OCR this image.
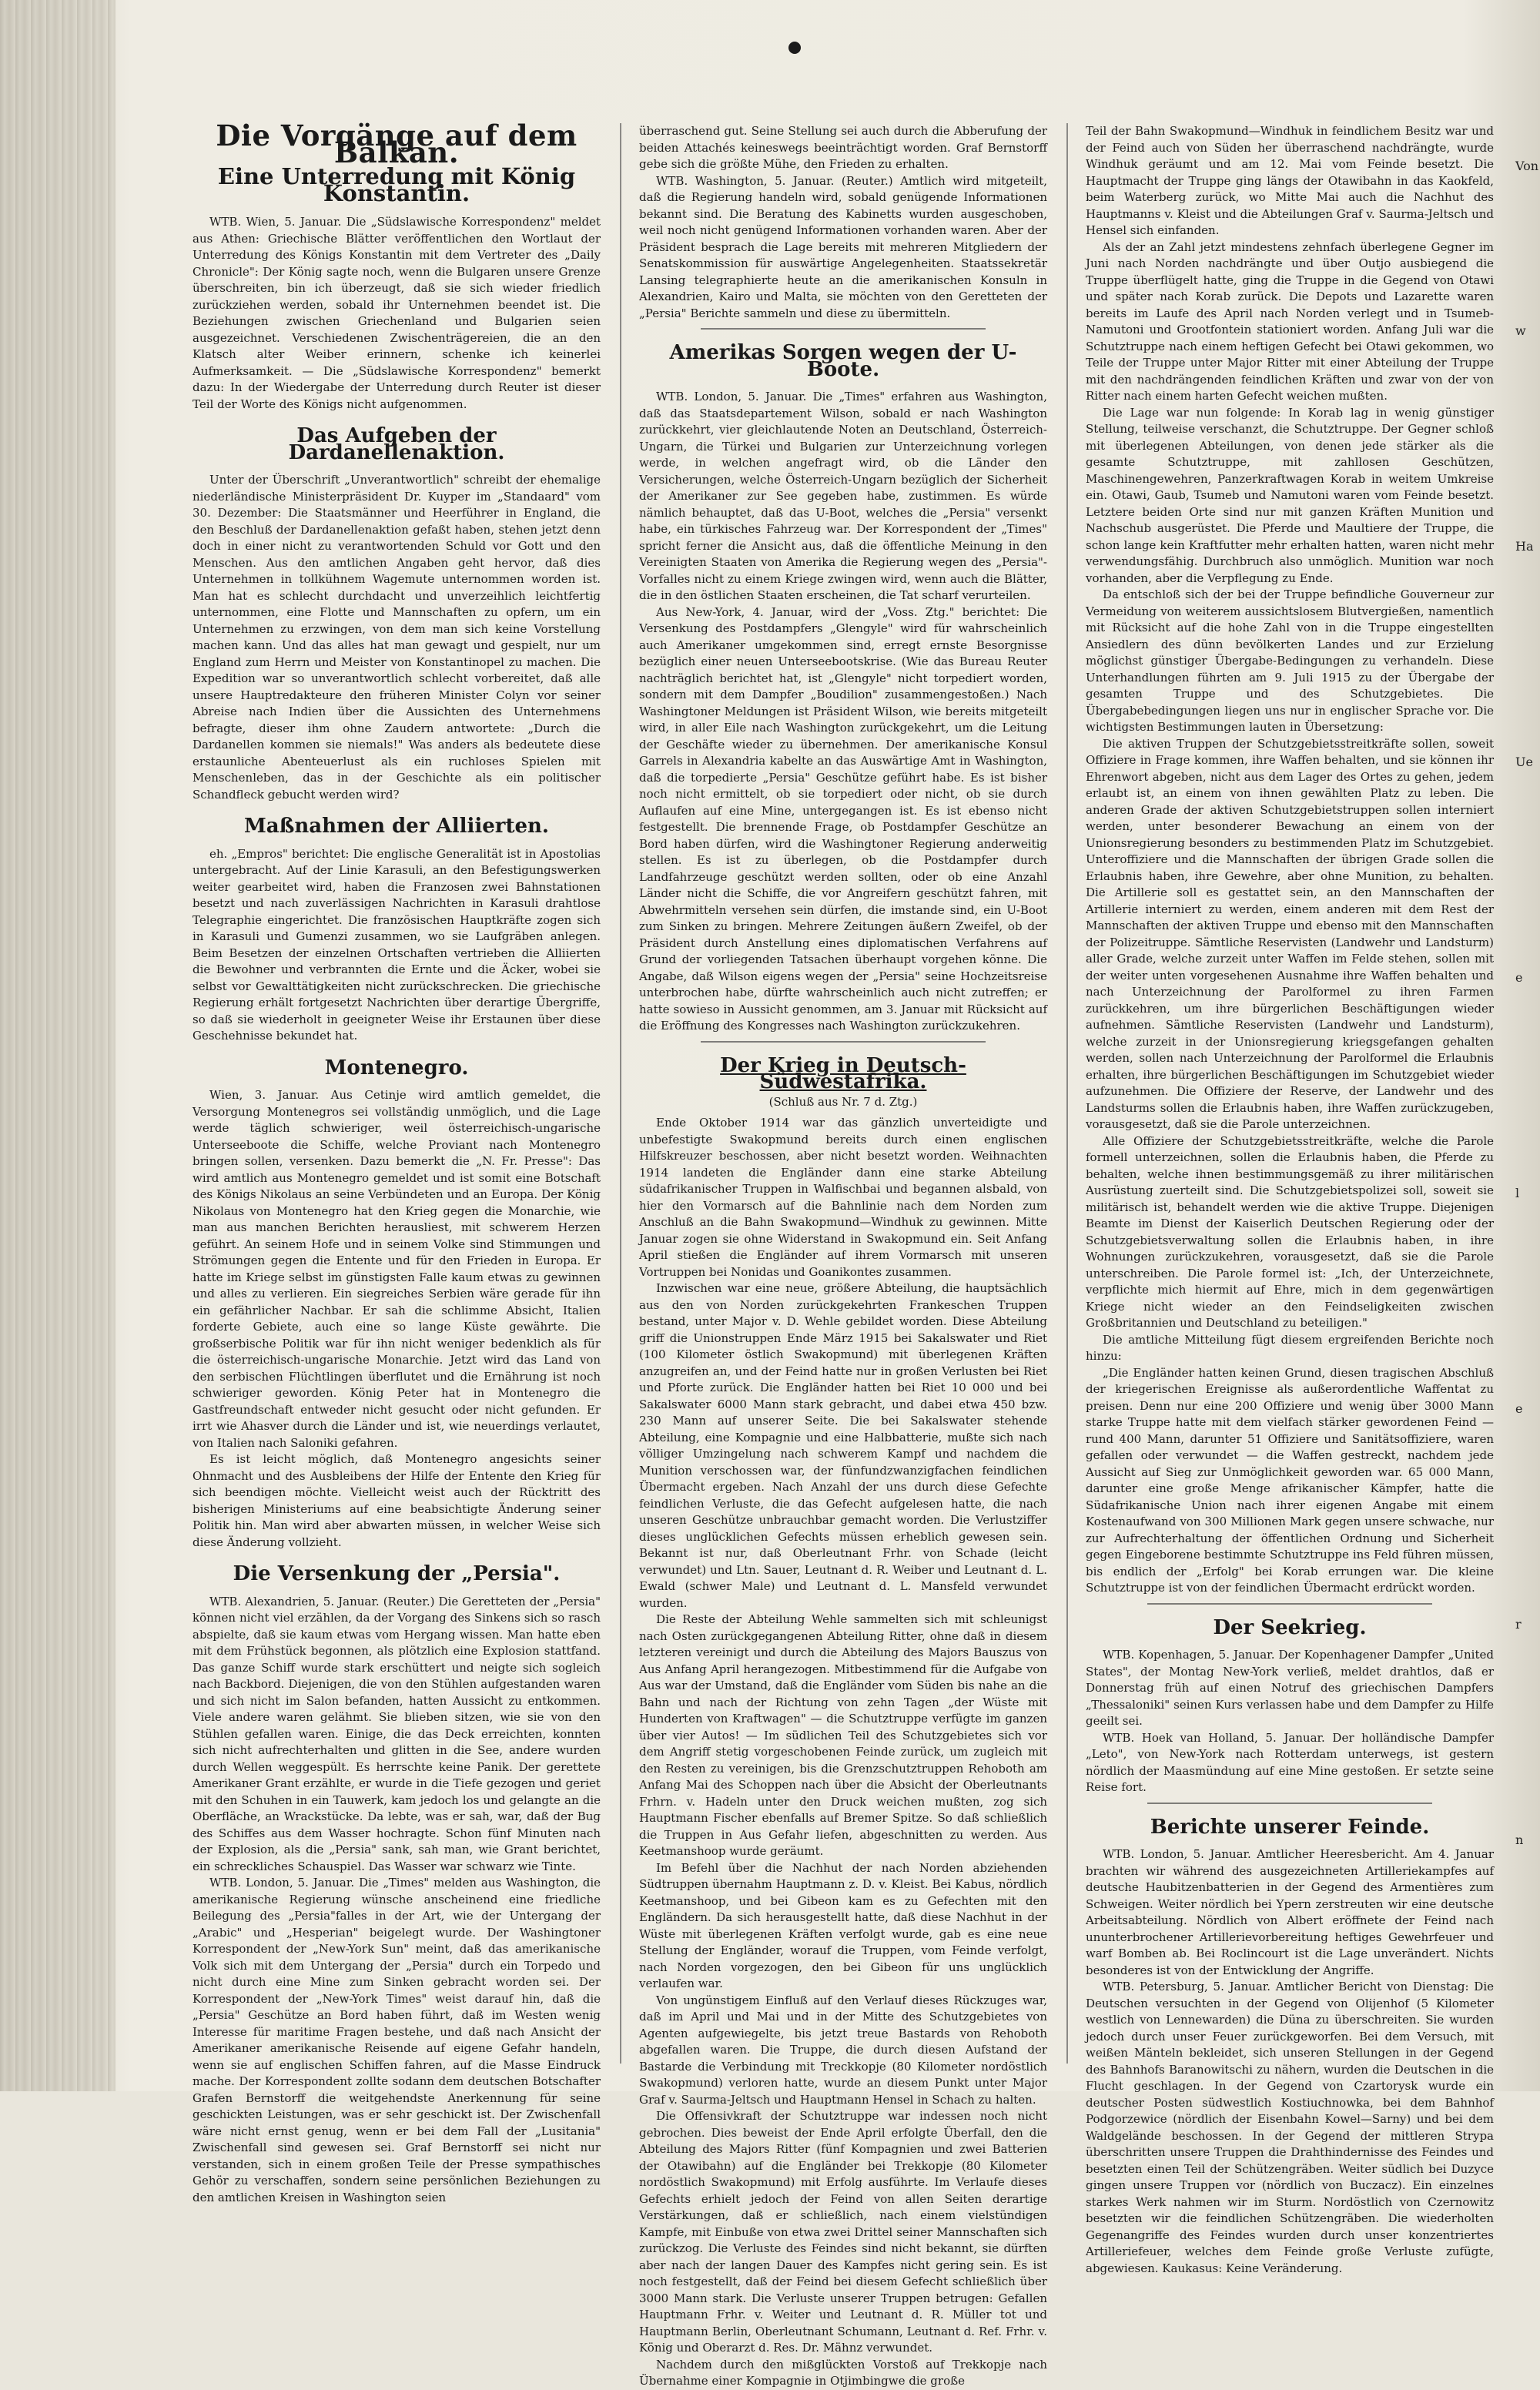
Von
Die Vorgänge auf dem Balkan.
Eine Unterredung mit König Konstantin.

WTB. Wien, 5. Januar. Die „Südslawische Korrespondenz" meldet aus Athen: Griechische Blätter veröffentlichen den Wortlaut der Unterredung des Königs Konstantin mit dem Vertreter des „Daily Chronicle": Der König sagte noch, wenn die Bulgaren unsere Grenze überschreiten, bin ich überzeugt, daß sie sich wieder friedlich zurückziehen werden, sobald ihr Unternehmen beendet ist. Die Beziehungen zwischen Griechenland und Bulgarien seien ausgezeichnet. Verschiedenen Zwischenträgereien, die an den Klatsch alter Weiber erinnern, schenke ich keinerlei Aufmerksamkeit. — Die „Südslawische Korrespondenz" bemerkt dazu: In der Wiedergabe der Unterredung durch Reuter ist dieser Teil der Worte des Königs nicht aufgenommen.

Das Aufgeben der Dardanellenaktion.

Unter der Überschrift „Unverantwortlich" schreibt der ehemalige niederländische Ministerpräsident Dr. Kuyper im „Standaard" vom 30. Dezember: Die Staatsmänner und Heerführer in England, die den Beschluß der Dardanellenaktion gefaßt haben, stehen jetzt denn doch in einer nicht zu verantwortenden Schuld vor Gott und den Menschen. Aus den amtlichen Angaben geht hervor, daß dies Unternehmen in tollkühnem Wagemute unternommen worden ist. Man hat es schlecht durchdacht und unverzeihlich leichtfertig unternommen, eine Flotte und Mannschaften zu opfern, um ein Unternehmen zu erzwingen, von dem man sich keine Vorstellung machen kann. Und das alles hat man gewagt und gespielt, nur um England zum Herrn und Meister von Konstantinopel zu machen. Die Expedition war so unverantwortlich schlecht vorbereitet, daß alle unsere Hauptredakteure den früheren Minister Colyn vor seiner Abreise nach Indien über die Aussichten des Unternehmens befragte, dieser ihm ohne Zaudern antwortete: „Durch die Dardanellen kommen sie niemals!" Was anders als bedeutete diese erstaunliche Abenteuerlust als ein ruchloses Spielen mit Menschenleben, das in der Geschichte als ein politischer Schandfleck gebucht werden wird?

Maßnahmen der Alliierten.

eh. „Empros" berichtet: Die englische Generalität ist in Apostolias untergebracht. Auf der Linie Karasuli, an den Befestigungswerken weiter gearbeitet wird, haben die Franzosen zwei Bahnstationen besetzt und nach zuverlässigen Nachrichten in Karasuli drahtlose Telegraphie eingerichtet. Die französischen Hauptkräfte zogen sich in Karasuli und Gumenzi zusammen, wo sie Laufgräben anlegen. Beim Besetzen der einzelnen Ortschaften vertrieben die Alliierten die Bewohner und verbrannten die Ernte und die Äcker, wobei sie selbst vor Gewalttätigkeiten nicht zurückschrecken. Die griechische Regierung erhält fortgesetzt Nachrichten über derartige Übergriffe, so daß sie wiederholt in geeigneter Weise ihr Erstaunen über diese Geschehnisse bekundet hat.

Montenegro.

Wien, 3. Januar. Aus Cetinje wird amtlich gemeldet, die Versorgung Montenegros sei vollständig unmöglich, und die Lage werde täglich schwieriger, weil österreichisch-ungarische Unterseeboote die Schiffe, welche Proviant nach Montenegro bringen sollen, versenken. Dazu bemerkt die „N. Fr. Presse": Das wird amtlich aus Montenegro gemeldet und ist somit eine Botschaft des Königs Nikolaus an seine Verbündeten und an Europa. Der König Nikolaus von Montenegro hat den Krieg gegen die Monarchie, wie man aus manchen Berichten herausliest, mit schwerem Herzen geführt. An seinem Hofe und in seinem Volke sind Stimmungen und Strömungen gegen die Entente und für den Frieden in Europa. Er hatte im Kriege selbst im günstigsten Falle kaum etwas zu gewinnen und alles zu verlieren. Ein siegreiches Serbien wäre gerade für ihn ein gefährlicher Nachbar. Er sah die schlimme Absicht, Italien forderte Gebiete, auch eine so lange Küste gewährte. Die großserbische Politik war für ihn nicht weniger bedenklich als für die österreichisch-ungarische Monarchie. Jetzt wird das Land von den serbischen Flüchtlingen überflutet und die Ernährung ist noch schwieriger geworden. König Peter hat in Montenegro die Gastfreundschaft entweder nicht gesucht oder nicht gefunden. Er irrt wie Ahasver durch die Länder und ist, wie neuerdings verlautet, von Italien nach Saloniki gefahren.

Es ist leicht möglich, daß Montenegro angesichts seiner Ohnmacht und des Ausbleibens der Hilfe der Entente den Krieg für sich beendigen möchte. Vielleicht weist auch der Rücktritt des bisherigen Ministeriums auf eine beabsichtigte Änderung seiner Politik hin. Man wird aber abwarten müssen, in welcher Weise sich diese Änderung vollzieht.

Die Versenkung der „Persia".

WTB. Alexandrien, 5. Januar. (Reuter.) Die Geretteten der „Persia" können nicht viel erzählen, da der Vorgang des Sinkens sich so rasch abspielte, daß sie kaum etwas vom Hergang wissen. Man hatte eben mit dem Frühstück begonnen, als plötzlich eine Explosion stattfand. Das ganze Schiff wurde stark erschüttert und neigte sich sogleich nach Backbord. Diejenigen, die von den Stühlen aufgestanden waren und sich nicht im Salon befanden, hatten Aussicht zu entkommen. Viele andere waren gelähmt. Sie blieben sitzen, wie sie von den Stühlen gefallen waren. Einige, die das Deck erreichten, konnten sich nicht aufrechterhalten und glitten in die See, andere wurden durch Wellen weggespült. Es herrschte keine Panik. Der gerettete Amerikaner Grant erzählte, er wurde in die Tiefe gezogen und geriet mit den Schuhen in ein Tauwerk, kam jedoch los und gelangte an die Oberfläche, an Wrackstücke. Da lebte, was er sah, war, daß der Bug des Schiffes aus dem Wasser hochragte. Schon fünf Minuten nach der Explosion, als die „Persia" sank, sah man, wie Grant berichtet, ein schreckliches Schauspiel. Das Wasser war schwarz wie Tinte.

WTB. London, 5. Januar. Die „Times" melden aus Washington, die amerikanische Regierung wünsche anscheinend eine friedliche Beilegung des „Persia"falles in der Art, wie der Untergang der „Arabic" und „Hesperian" beigelegt wurde. Der Washingtoner Korrespondent der „New-York Sun" meint, daß das amerikanische Volk sich mit dem Untergang der „Persia" durch ein Torpedo und nicht durch eine Mine zum Sinken gebracht worden sei. Der Korrespondent der „New-York Times" weist darauf hin, daß die „Persia" Geschütze an Bord haben führt, daß im Westen wenig Interesse für maritime Fragen bestehe, und daß nach Ansicht der Amerikaner amerikanische Reisende auf eigene Gefahr handeln, wenn sie auf englischen Schiffen fahren, auf die Masse Eindruck mache. Der Korrespondent zollte sodann dem deutschen Botschafter Grafen Bernstorff die weitgehendste Anerkennung für seine geschickten Leistungen, was er sehr geschickt ist. Der Zwischenfall wäre nicht ernst genug, wenn er bei dem Fall der „Lusitania" Zwischenfall sind gewesen sei. Graf Bernstorff sei nicht nur verstanden, sich in einem großen Teile der Presse sympathisches Gehör zu verschaffen, sondern seine persönlichen Beziehungen zu den amtlichen Kreisen in Washington seien

überraschend gut. Seine Stellung sei auch durch die Abberufung der beiden Attachés keineswegs beeinträchtigt worden. Graf Bernstorff gebe sich die größte Mühe, den Frieden zu erhalten.

WTB. Washington, 5. Januar. (Reuter.) Amtlich wird mitgeteilt, daß die Regierung handeln wird, sobald genügende Informationen bekannt sind. Die Beratung des Kabinetts wurden ausgeschoben, weil noch nicht genügend Informationen vorhanden waren. Aber der Präsident besprach die Lage bereits mit mehreren Mitgliedern der Senatskommission für auswärtige Angelegenheiten. Staatssekretär Lansing telegraphierte heute an die amerikanischen Konsuln in Alexandrien, Kairo und Malta, sie möchten von den Geretteten der „Persia" Berichte sammeln und diese zu übermitteln.

Amerikas Sorgen wegen der U-Boote.

WTB. London, 5. Januar. Die „Times" erfahren aus Washington, daß das Staatsdepartement Wilson, sobald er nach Washington zurückkehrt, vier gleichlautende Noten an Deutschland, Österreich-Ungarn, die Türkei und Bulgarien zur Unterzeichnung vorlegen werde, in welchen angefragt wird, ob die Länder den Versicherungen, welche Österreich-Ungarn bezüglich der Sicherheit der Amerikaner zur See gegeben habe, zustimmen. Es würde nämlich behauptet, daß das U-Boot, welches die „Persia" versenkt habe, ein türkisches Fahrzeug war. Der Korrespondent der „Times" spricht ferner die Ansicht aus, daß die öffentliche Meinung in den Vereinigten Staaten von Amerika die Regierung wegen des „Persia"-Vorfalles nicht zu einem Kriege zwingen wird, wenn auch die Blätter, die in den östlichen Staaten erscheinen, die Tat scharf verurteilen.

Aus New-York, 4. Januar, wird der „Voss. Ztg." berichtet: Die Versenkung des Postdampfers „Glengyle" wird für wahrscheinlich auch Amerikaner umgekommen sind, erregt ernste Besorgnisse bezüglich einer neuen Unterseebootskrise. (Wie das Bureau Reuter nachträglich berichtet hat, ist „Glengyle" nicht torpediert worden, sondern mit dem Dampfer „Boudilion" zusammengestoßen.) Nach Washingtoner Meldungen ist Präsident Wilson, wie bereits mitgeteilt wird, in aller Eile nach Washington zurückgekehrt, um die Leitung der Geschäfte wieder zu übernehmen. Der amerikanische Konsul Garrels in Alexandria kabelte an das Auswärtige Amt in Washington, daß die torpedierte „Persia" Geschütze geführt habe. Es ist bisher noch nicht ermittelt, ob sie torpediert oder nicht, ob sie durch Auflaufen auf eine Mine, untergegangen ist. Es ist ebenso nicht festgestellt. Die brennende Frage, ob Postdampfer Geschütze an Bord haben dürfen, wird die Washingtoner Regierung anderweitig stellen. Es ist zu überlegen, ob die Postdampfer durch Landfahrzeuge geschützt werden sollten, oder ob eine Anzahl Länder nicht die Schiffe, die vor Angreifern geschützt fahren, mit Abwehrmitteln versehen sein dürfen, die imstande sind, ein U-Boot zum Sinken zu bringen. Mehrere Zeitungen äußern Zweifel, ob der Präsident durch Anstellung eines diplomatischen Verfahrens auf Grund der vorliegenden Tatsachen überhaupt vorgehen könne. Die Angabe, daß Wilson eigens wegen der „Persia" seine Hochzeitsreise unterbrochen habe, dürfte wahrscheinlich auch nicht zutreffen; er hatte sowieso in Aussicht genommen, am 3. Januar mit Rücksicht auf die Eröffnung des Kongresses nach Washington zurückzukehren.

Der Krieg in Deutsch-Südwestafrika.

(Schluß aus Nr. 7 d. Ztg.)

Ende Oktober 1914 war das gänzlich unverteidigte und unbefestigte Swakopmund bereits durch einen englischen Hilfskreuzer beschossen, aber nicht besetzt worden. Weihnachten 1914 landeten die Engländer dann eine starke Abteilung südafrikanischer Truppen in Walfischbai und begannen alsbald, von hier den Vormarsch auf die Bahnlinie nach dem Norden zum Anschluß an die Bahn Swakopmund—Windhuk zu gewinnen. Mitte Januar zogen sie ohne Widerstand in Swakopmund ein. Seit Anfang April stießen die Engländer auf ihrem Vormarsch mit unseren Vortruppen bei Nonidas und Goanikontes zusammen.

Inzwischen war eine neue, größere Abteilung, die hauptsächlich aus den von Norden zurückgekehrten Frankeschen Truppen bestand, unter Major v. D. Wehle gebildet worden. Diese Abteilung griff die Unionstruppen Ende März 1915 bei Sakalswater und Riet (100 Kilometer östlich Swakopmund) mit überlegenen Kräften anzugreifen an, und der Feind hatte nur in großen Verlusten bei Riet und Pforte zurück. Die Engländer hatten bei Riet 10 000 und bei Sakalswater 6000 Mann stark gebracht, und dabei etwa 450 bzw. 230 Mann auf unserer Seite. Die bei Sakalswater stehende Abteilung, eine Kompagnie und eine Halbbatterie, mußte sich nach völliger Umzingelung nach schwerem Kampf und nachdem die Munition verschossen war, der fünfundzwanzigfachen feindlichen Übermacht ergeben. Nach Anzahl der uns durch diese Gefechte feindlichen Verluste, die das Gefecht aufgelesen hatte, die nach unseren Geschütze unbrauchbar gemacht worden. Die Verlustziffer dieses unglücklichen Gefechts müssen erheblich gewesen sein. Bekannt ist nur, daß Oberleutnant Frhr. von Schade (leicht verwundet) und Ltn. Sauer, Leutnant d. R. Weiber und Leutnant d. L. Ewald (schwer Male) und Leutnant d. L. Mansfeld verwundet wurden.

Die Reste der Abteilung Wehle sammelten sich mit schleunigst nach Osten zurückgegangenen Abteilung Ritter, ohne daß in diesem letzteren vereinigt und durch die Abteilung des Majors Bauszus von Aus Anfang April herangezogen. Mitbestimmend für die Aufgabe von Aus war der Umstand, daß die Engländer vom Süden bis nahe an die Bahn und nach der Richtung von zehn Tagen „der Wüste mit Hunderten von Kraftwagen" — die Schutztruppe verfügte im ganzen über vier Autos! — Im südlichen Teil des Schutzgebietes sich vor dem Angriff stetig vorgeschobenen Feinde zurück, um zugleich mit den Resten zu vereinigen, bis die Grenzschutztruppen Rehoboth am Anfang Mai des Schoppen nach über die Absicht der Oberleutnants Frhrn. v. Hadeln unter den Druck weichen mußten, zog sich Hauptmann Fischer ebenfalls auf Bremer Spitze. So daß schließlich die Truppen in Aus Gefahr liefen, abgeschnitten zu werden. Aus Keetmanshoop wurde geräumt.

Im Befehl über die Nachhut der nach Norden abziehenden Südtruppen übernahm Hauptmann z. D. v. Kleist. Bei Kabus, nördlich Keetmanshoop, und bei Gibeon kam es zu Gefechten mit den Engländern. Da sich herausgestellt hatte, daß diese Nachhut in der Wüste mit überlegenen Kräften verfolgt wurde, gab es eine neue Stellung der Engländer, worauf die Truppen, vom Feinde verfolgt, nach Norden vorgezogen, den bei Gibeon für uns unglücklich verlaufen war.

Von ungünstigem Einfluß auf den Verlauf dieses Rückzuges war, daß im April und Mai und in der Mitte des Schutzgebietes von Agenten aufgewiegelte, bis jetzt treue Bastards von Rehoboth abgefallen waren. Die Truppe, die durch diesen Aufstand der Bastarde die Verbindung mit Treckkopje (80 Kilometer nordöstlich Swakopmund) verloren hatte, wurde an diesem Punkt unter Major Graf v. Saurma-Jeltsch und Hauptmann Hensel in Schach zu halten.

Die Offensivkraft der Schutztruppe war indessen noch nicht gebrochen. Dies beweist der Ende April erfolgte Überfall, den die Abteilung des Majors Ritter (fünf Kompagnien und zwei Batterien der Otawibahn) auf die Engländer bei Trekkopje (80 Kilometer nordöstlich Swakopmund) mit Erfolg ausführte. Im Verlaufe dieses Gefechts erhielt jedoch der Feind von allen Seiten derartige Verstärkungen, daß er schließlich, nach einem vielstündigen Kampfe, mit Einbuße von etwa zwei Drittel seiner Mannschaften sich zurückzog. Die Verluste des Feindes sind nicht bekannt, sie dürften aber nach der langen Dauer des Kampfes nicht gering sein. Es ist noch festgestellt, daß der Feind bei diesem Gefecht schließlich über 3000 Mann stark. Die Verluste unserer Truppen betrugen: Gefallen Hauptmann Frhr. v. Weiter und Leutnant d. R. Müller tot und Hauptmann Berlin, Oberleutnant Schumann, Leutnant d. Ref. Frhr. v. König und Oberarzt d. Res. Dr. Mähnz verwundet.

Nachdem durch den mißglückten Vorstoß auf Trekkopje nach Übernahme einer Kompagnie in Otjimbingwe die große

Teil der Bahn Swakopmund—Windhuk in feindlichem Besitz war und der Feind auch von Süden her überraschend nachdrängte, wurde Windhuk geräumt und am 12. Mai vom Feinde besetzt. Die Hauptmacht der Truppe ging längs der Otawibahn in das Kaokfeld, beim Waterberg zurück, wo Mitte Mai auch die Nachhut des Hauptmanns v. Kleist und die Abteilungen Graf v. Saurma-Jeltsch und Hensel sich einfanden.

Als der an Zahl jetzt mindestens zehnfach überlegene Gegner im Juni nach Norden nachdrängte und über Outjo ausbiegend die Truppe überflügelt hatte, ging die Truppe in die Gegend von Otawi und später nach Korab zurück. Die Depots und Lazarette waren bereits im Laufe des April nach Norden verlegt und in Tsumeb-Namutoni und Grootfontein stationiert worden. Anfang Juli war die Schutztruppe nach einem heftigen Gefecht bei Otawi gekommen, wo Teile der Truppe unter Major Ritter mit einer Abteilung der Truppe mit den nachdrängenden feindlichen Kräften und zwar von der von Ritter nach einem harten Gefecht weichen mußten.

Die Lage war nun folgende: In Korab lag in wenig günstiger Stellung, teilweise verschanzt, die Schutztruppe. Der Gegner schloß mit überlegenen Abteilungen, von denen jede stärker als die gesamte Schutztruppe, mit zahllosen Geschützen, Maschinengewehren, Panzerkraftwagen Korab in weitem Umkreise ein. Otawi, Gaub, Tsumeb und Namutoni waren vom Feinde besetzt. Letztere beiden Orte sind nur mit ganzen Kräften Munition und Nachschub ausgerüstet. Die Pferde und Maultiere der Truppe, die schon lange kein Kraftfutter mehr erhalten hatten, waren nicht mehr verwendungsfähig. Durchbruch also unmöglich. Munition war noch vorhanden, aber die Verpflegung zu Ende.

Da entschloß sich der bei der Truppe befindliche Gouverneur zur Vermeidung von weiterem aussichtslosem Blutvergießen, namentlich mit Rücksicht auf die hohe Zahl von in die Truppe eingestellten Ansiedlern des dünn bevölkerten Landes und zur Erzielung möglichst günstiger Übergabe-Bedingungen zu verhandeln. Diese Unterhandlungen führten am 9. Juli 1915 zu der Übergabe der gesamten Truppe und des Schutzgebietes. Die Übergabebedingungen liegen uns nur in englischer Sprache vor. Die wichtigsten Bestimmungen lauten in Übersetzung:

Die aktiven Truppen der Schutzgebietsstreitkräfte sollen, soweit Offiziere in Frage kommen, ihre Waffen behalten, und sie können ihr Ehrenwort abgeben, nicht aus dem Lager des Ortes zu gehen, jedem erlaubt ist, an einem von ihnen gewählten Platz zu leben. Die anderen Grade der aktiven Schutzgebietstruppen sollen interniert werden, unter besonderer Bewachung an einem von der Unionsregierung besonders zu bestimmenden Platz im Schutzgebiet. Unteroffiziere und die Mannschaften der übrigen Grade sollen die Erlaubnis haben, ihre Gewehre, aber ohne Munition, zu behalten. Die Artillerie soll es gestattet sein, an den Mannschaften der Artillerie interniert zu werden, einem anderen mit dem Rest der Mannschaften der aktiven Truppe und ebenso mit den Mannschaften der Polizeitruppe. Sämtliche Reservisten (Landwehr und Landsturm) aller Grade, welche zurzeit unter Waffen im Felde stehen, sollen mit der weiter unten vorgesehenen Ausnahme ihre Waffen behalten und nach Unterzeichnung der Parolformel zu ihren Farmen zurückkehren, um ihre bürgerlichen Beschäftigungen wieder aufnehmen. Sämtliche Reservisten (Landwehr und Landsturm), welche zurzeit in der Unionsregierung kriegsgefangen gehalten werden, sollen nach Unterzeichnung der Parolformel die Erlaubnis erhalten, ihre bürgerlichen Beschäftigungen im Schutzgebiet wieder aufzunehmen. Die Offiziere der Reserve, der Landwehr und des Landsturms sollen die Erlaubnis haben, ihre Waffen zurückzugeben, vorausgesetzt, daß sie die Parole unterzeichnen.

Alle Offiziere der Schutzgebietsstreitkräfte, welche die Parole formell unterzeichnen, sollen die Erlaubnis haben, die Pferde zu behalten, welche ihnen bestimmungsgemäß zu ihrer militärischen Ausrüstung zuerteilt sind. Die Schutzgebietspolizei soll, soweit sie militärisch ist, behandelt werden wie die aktive Truppe. Diejenigen Beamte im Dienst der Kaiserlich Deutschen Regierung oder der Schutzgebietsverwaltung sollen die Erlaubnis haben, in ihre Wohnungen zurückzukehren, vorausgesetzt, daß sie die Parole unterschreiben. Die Parole formel ist: „Ich, der Unterzeichnete, verpflichte mich hiermit auf Ehre, mich in dem gegenwärtigen Kriege nicht wieder an den Feindseligkeiten zwischen Großbritannien und Deutschland zu beteiligen."

Die amtliche Mitteilung fügt diesem ergreifenden Berichte noch hinzu:

„Die Engländer hatten keinen Grund, diesen tragischen Abschluß der kriegerischen Ereignisse als außerordentliche Waffentat zu preisen. Denn nur eine 200 Offiziere und wenig über 3000 Mann starke Truppe hatte mit dem vielfach stärker gewordenen Feind — rund 400 Mann, darunter 51 Offiziere und Sanitätsoffiziere, waren gefallen oder verwundet — die Waffen gestreckt, nachdem jede Aussicht auf Sieg zur Unmöglichkeit geworden war. 65 000 Mann, darunter eine große Menge afrikanischer Kämpfer, hatte die Südafrikanische Union nach ihrer eigenen Angabe mit einem Kostenaufwand von 300 Millionen Mark gegen unsere schwache, nur zur Aufrechterhaltung der öffentlichen Ordnung und Sicherheit gegen Eingeborene bestimmte Schutztruppe ins Feld führen müssen, bis endlich der „Erfolg" bei Korab errungen war. Die kleine Schutztruppe ist von der feindlichen Übermacht erdrückt worden.

Der Seekrieg.

WTB. Kopenhagen, 5. Januar. Der Kopenhagener Dampfer „United States", der Montag New-York verließ, meldet drahtlos, daß er Donnerstag früh auf einen Notruf des griechischen Dampfers „Thessaloniki" seinen Kurs verlassen habe und dem Dampfer zu Hilfe geeilt sei.

WTB. Hoek van Holland, 5. Januar. Der holländische Dampfer „Leto", von New-York nach Rotterdam unterwegs, ist gestern nördlich der Maasmündung auf eine Mine gestoßen. Er setzte seine Reise fort.

Berichte unserer Feinde.

WTB. London, 5. Januar. Amtlicher Heeresbericht. Am 4. Januar brachten wir während des ausgezeichneten Artilleriekampfes auf deutsche Haubitzenbatterien in der Gegend des Armentières zum Schweigen. Weiter nördlich bei Ypern zerstreuten wir eine deutsche Arbeitsabteilung. Nördlich von Albert eröffnete der Feind nach ununterbrochener Artillerievorbereitung heftiges Gewehrfeuer und warf Bomben ab. Bei Roclincourt ist die Lage unverändert. Nichts besonderes ist von der Entwicklung der Angriffe.

WTB. Petersburg, 5. Januar. Amtlicher Bericht von Dienstag: Die Deutschen versuchten in der Gegend von Olijenhof (5 Kilometer westlich von Lennewarden) die Düna zu überschreiten. Sie wurden jedoch durch unser Feuer zurückgeworfen. Bei dem Versuch, mit weißen Mänteln bekleidet, sich unseren Stellungen in der Gegend des Bahnhofs Baranowitschi zu nähern, wurden die Deutschen in die Flucht geschlagen. In der Gegend von Czartorysk wurde ein deutscher Posten südwestlich Kostiuchnowka, bei dem Bahnhof Podgorzewice (nördlich der Eisenbahn Kowel—Sarny) und bei dem Waldgelände beschossen. In der Gegend der mittleren Strypa überschritten unsere Truppen die Drahthindernisse des Feindes und besetzten einen Teil der Schützengräben. Weiter südlich bei Duzyce gingen unsere Truppen vor (nördlich von Buczacz). Ein einzelnes starkes Werk nahmen wir im Sturm. Nordöstlich von Czernowitz besetzten wir die feindlichen Schützengräben. Die wiederholten Gegenangriffe des Feindes wurden durch unser konzentriertes Artilleriefeuer, welches dem Feinde große Verluste zufügte, abgewiesen. Kaukasus: Keine Veränderung.

w
Ha
Ue
e
l
e
r
n
